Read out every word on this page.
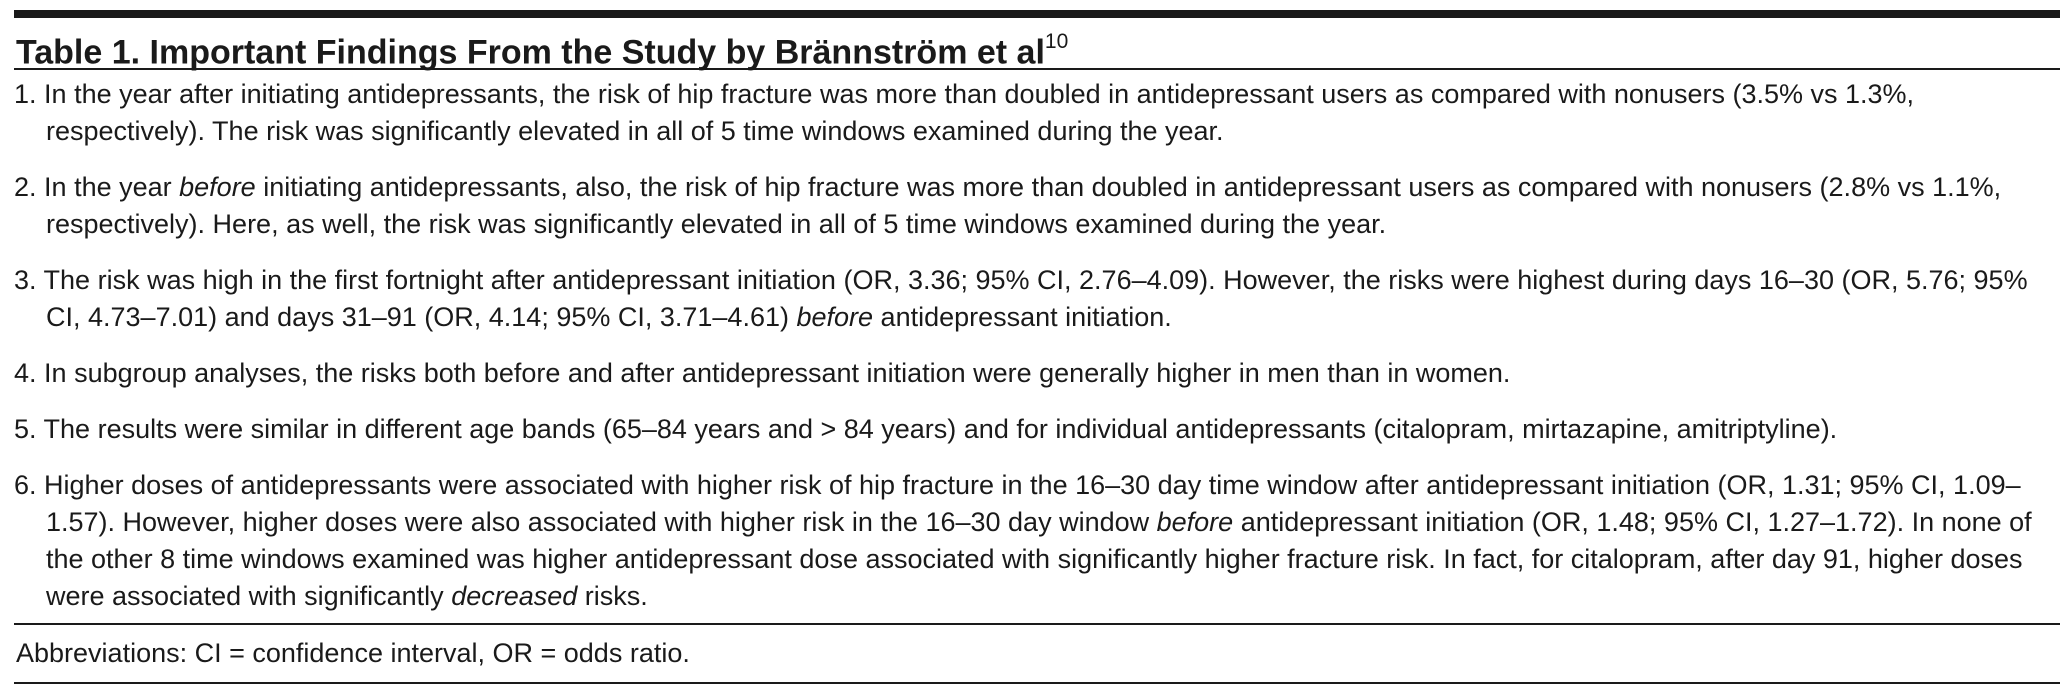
Table 1. Important Findings From the Study by Brännström et $al^{10}$
1. In the year after initiating antidepressants, the risk of hip fracture was more than doubled in antidepressant users as compared with nonusers (3.5% vs 1.3%, respectively). The risk was significantly elevated in all of 5 time windows examined during the year.
2. In the year before initiating antidepressants, also, the risk of hip fracture was more than doubled in antidepressant users as compared with nonusers (2.8% vs 1.1%, respectively). Here, as well, the risk was significantly elevated in all of 5 time windows examined during the year.
3. The risk was high in the first fortnight after antidepressant initiation (OR, 3.36; 95% CI, 2.76–4.09). However, the risks were highest during days 16–30 (OR, 5.76; 95% CI, 4.73–7.01) and days 31–91 (OR, 4.14; 95% CI, 3.71–4.61) before antidepressant initiation.
4. In subgroup analyses, the risks both before and after antidepressant initiation were generally higher in men than in women.
5. The results were similar in different age bands (65–84 years and > 84 years) and for individual antidepressants (citalopram, mirtazapine, amitriptyline).
6. Higher doses of antidepressants were associated with higher risk of hip fracture in the 16–30 day time window after antidepressant initiation (OR, 1.31; 95% CI, 1.09–1.57). However, higher doses were also associated with higher risk in the 16–30 day window before antidepressant initiation (OR, 1.48; 95% CI, 1.27–1.72). In none of the other 8 time windows examined was higher antidepressant dose associated with significantly higher fracture risk. In fact, for citalopram, after day 91, higher doses were associated with significantly decreased risks.
Abbreviations: CI = confidence interval, OR = odds ratio.
